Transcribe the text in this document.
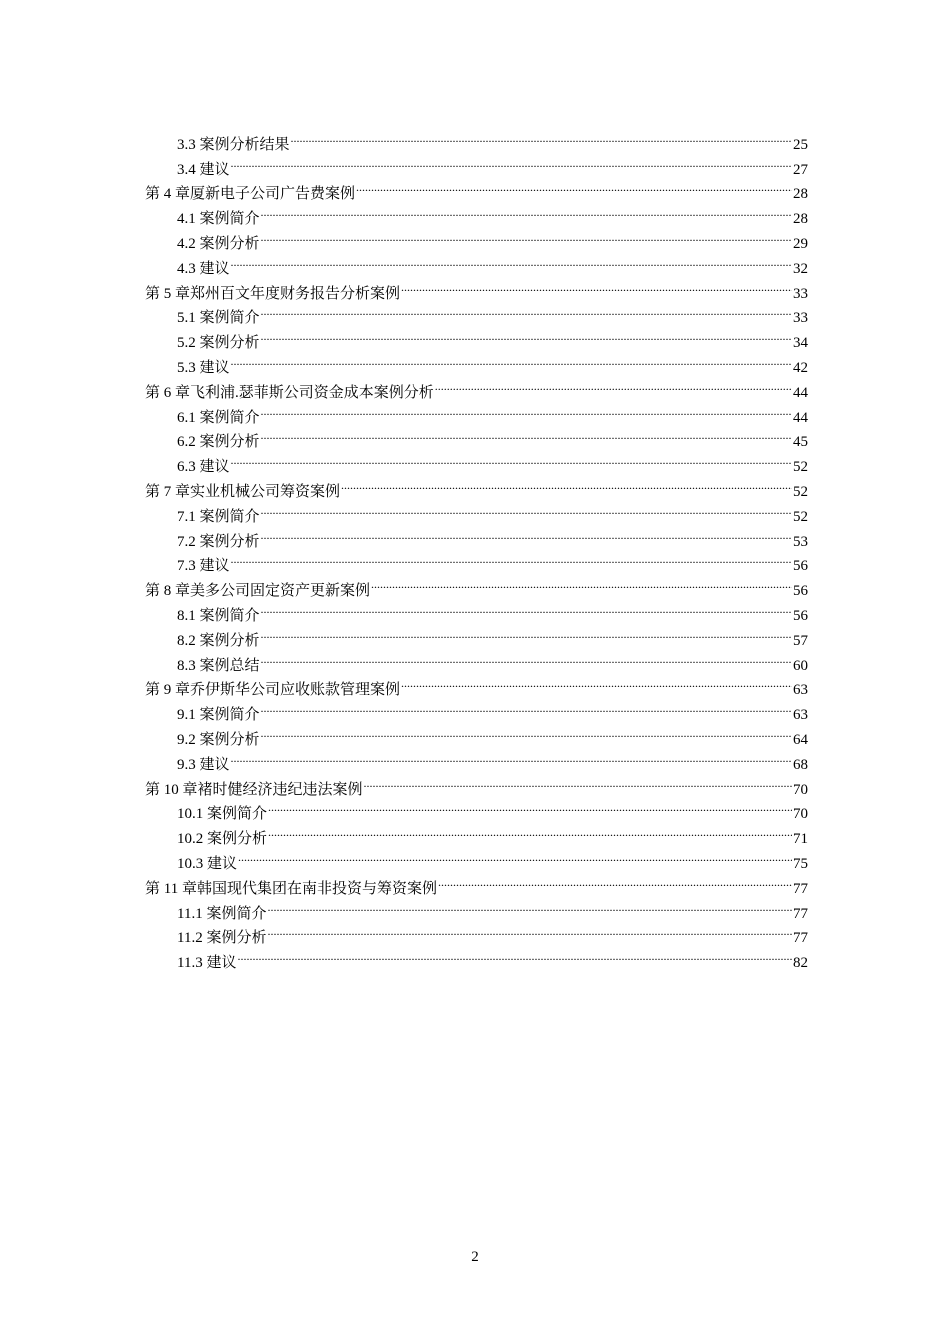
3.3 案例分析结果 .....	25
3.4 建议 .....	27
第 4 章厦新电子公司广告费案例 .....	28
4.1 案例简介 .....	28
4.2 案例分析 .....	29
4.3 建议 .....	32
第 5 章郑州百文年度财务报告分析案例 .....	33
5.1 案例简介 .....	33
5.2 案例分析 .....	34
5.3 建议 .....	42
第 6 章飞利浦.瑟菲斯公司资金成本案例分析 .....	44
6.1 案例简介 .....	44
6.2 案例分析 .....	45
6.3 建议 .....	52
第 7 章实业机械公司筹资案例 .....	52
7.1 案例简介 .....	52
7.2 案例分析 .....	53
7.3 建议 .....	56
第 8 章美多公司固定资产更新案例 .....	56
8.1 案例简介 .....	56
8.2 案例分析 .....	57
8.3 案例总结 .....	60
第 9 章乔伊斯华公司应收账款管理案例 .....	63
9.1 案例简介 .....	63
9.2 案例分析 .....	64
9.3 建议 .....	68
第 10 章褚时健经济违纪违法案例 .....	70
10.1 案例简介 .....	70
10.2 案例分析 .....	71
10.3 建议 .....	75
第 11 章韩国现代集团在南非投资与筹资案例 .....	77
11.1 案例简介 .....	77
11.2 案例分析 .....	77
11.3 建议 .....	82
2
